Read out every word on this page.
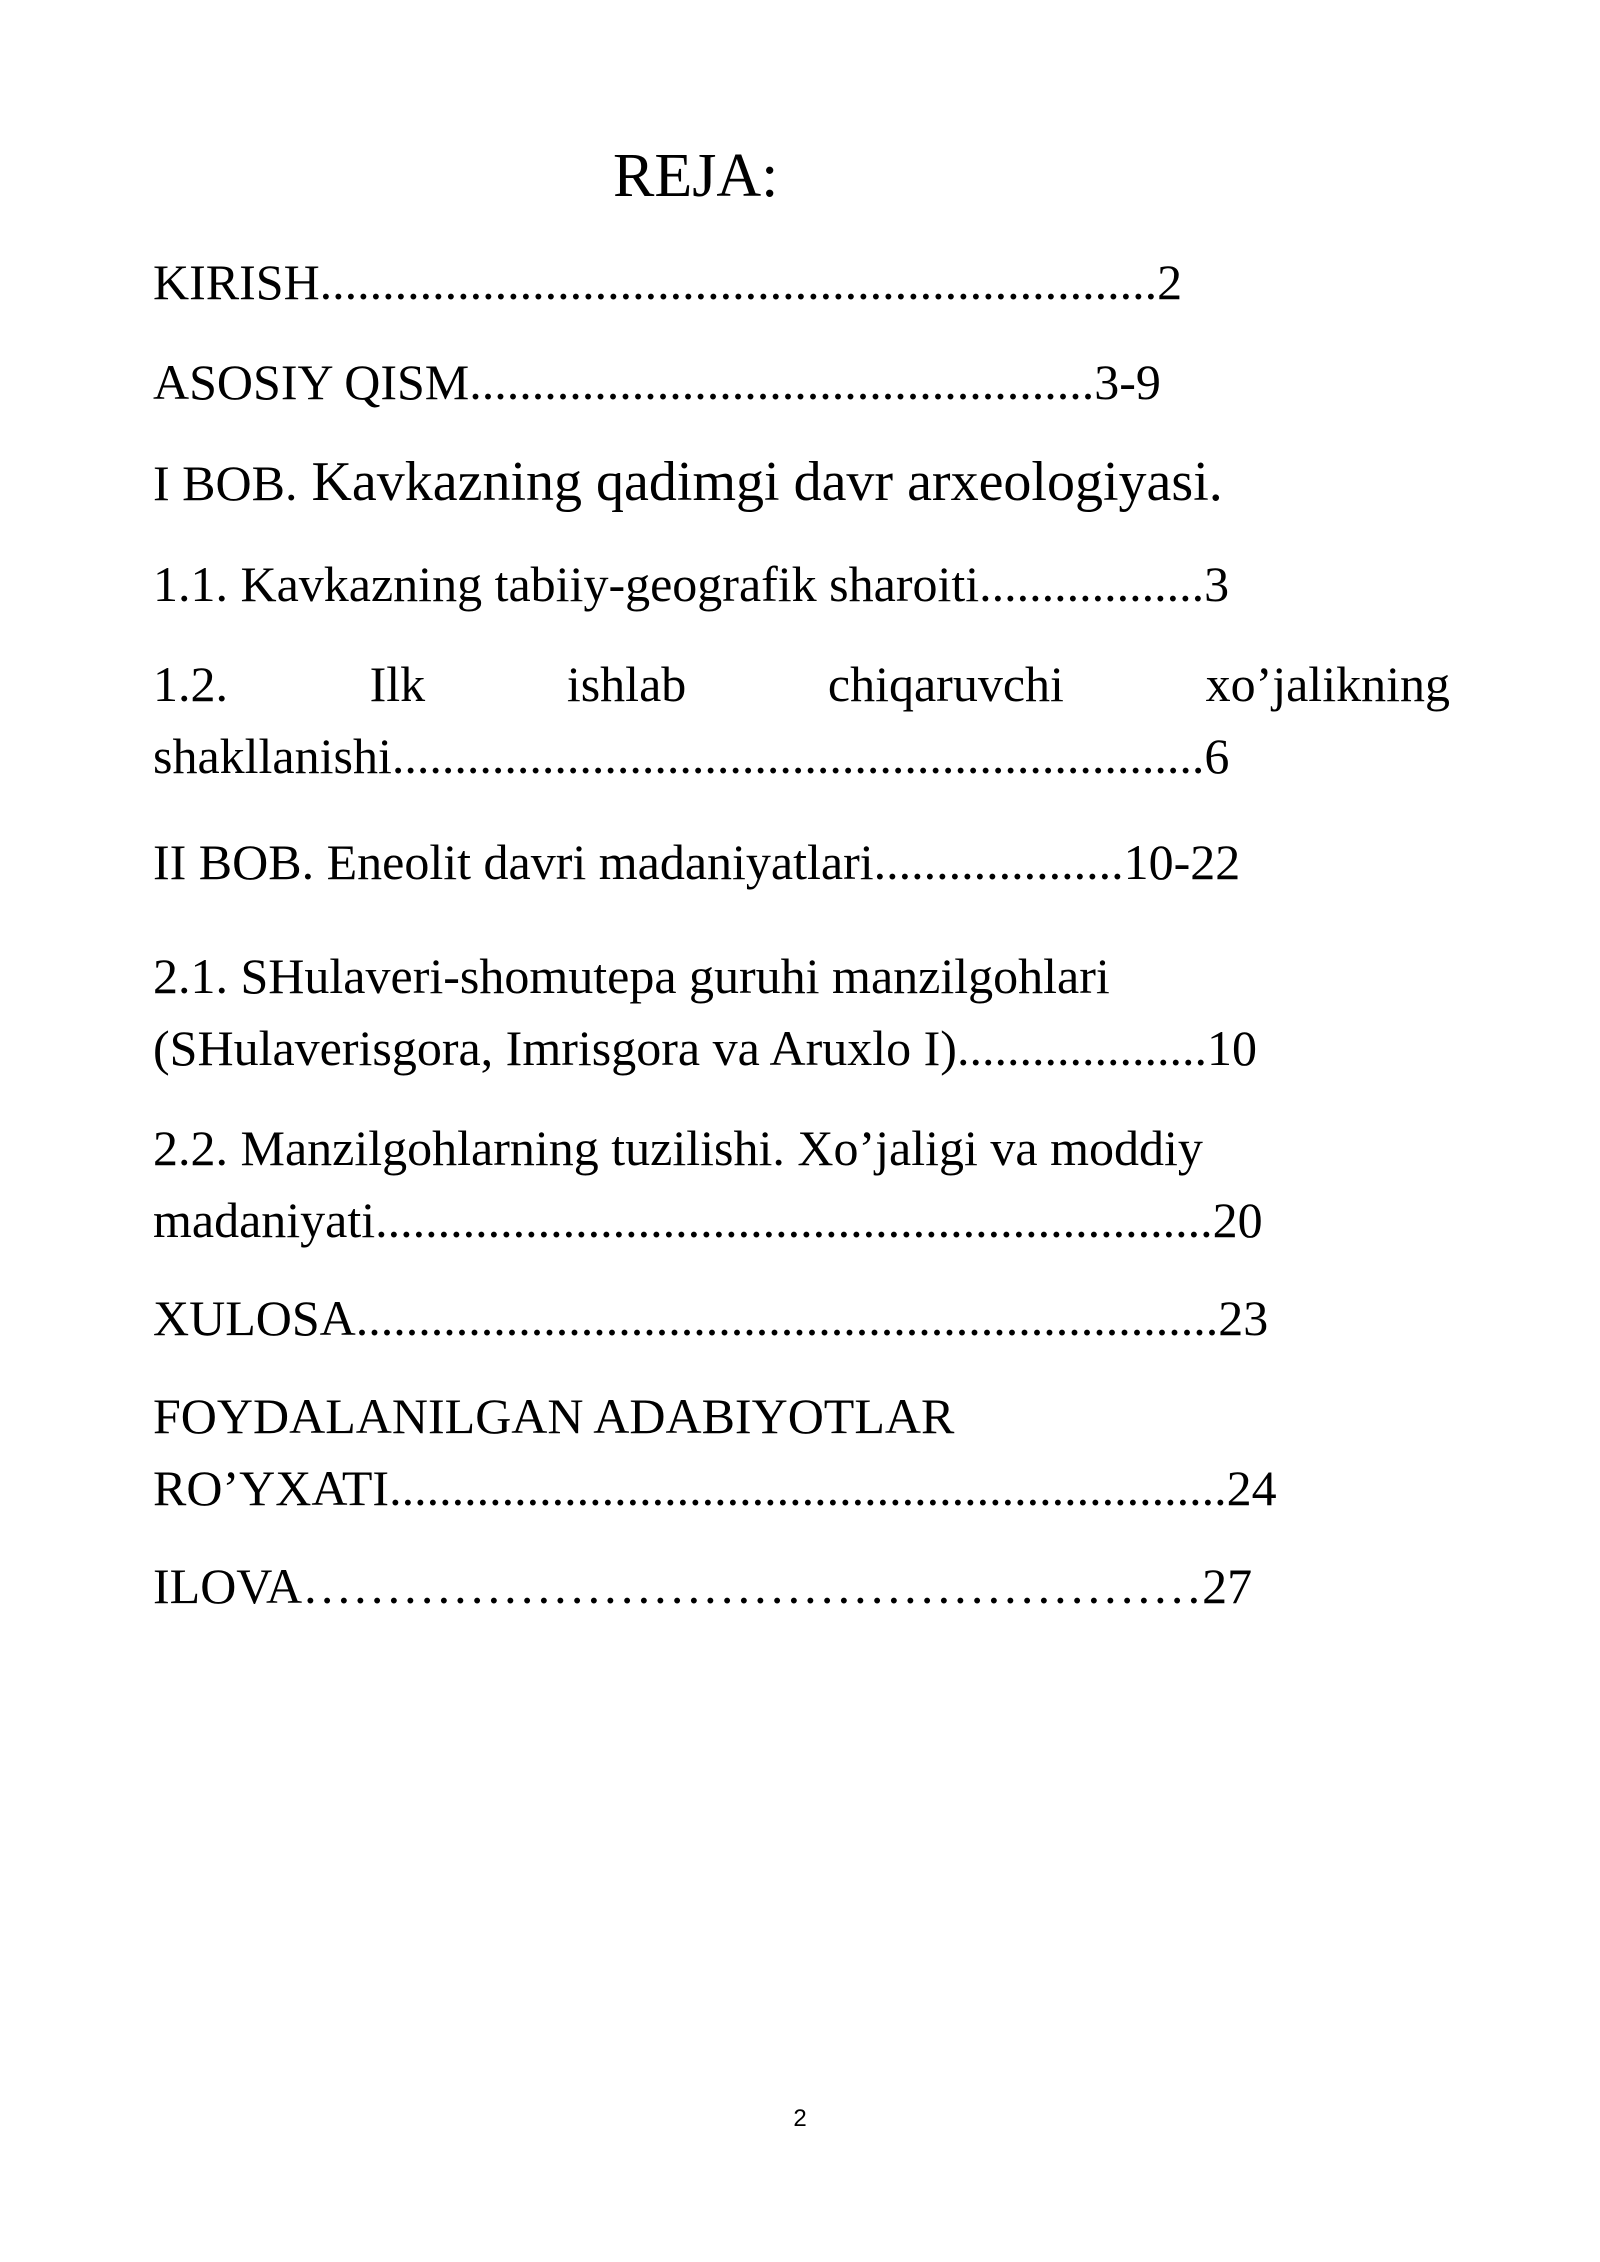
REJA:
KIRISH...................................................................2
ASOSIY QISM..................................................3-9
I BOB. Kavkazning qadimgi davr arxeologiyasi.
1.1. Kavkazning tabiiy-geografik sharoiti..................3
1.2.	Ilk	ishlab	chiqaruvchi	xo’jalikning
shakllanishi.................................................................6
II BOB. Eneolit davri madaniyatlari....................10-22
2.1. SHulaveri-shomutepa guruhi manzilgohlari
(SHulaverisgora, Imrisgora va Aruxlo I)....................10
2.2. Manzilgohlarning tuzilishi. Xo’jaligi va moddiy
madaniyati...................................................................20
XULOSA.....................................................................23
FOYDALANILGAN ADABIYOTLAR
RO’YXATI...................................................................24
ILOVA………………………………………………27
2
